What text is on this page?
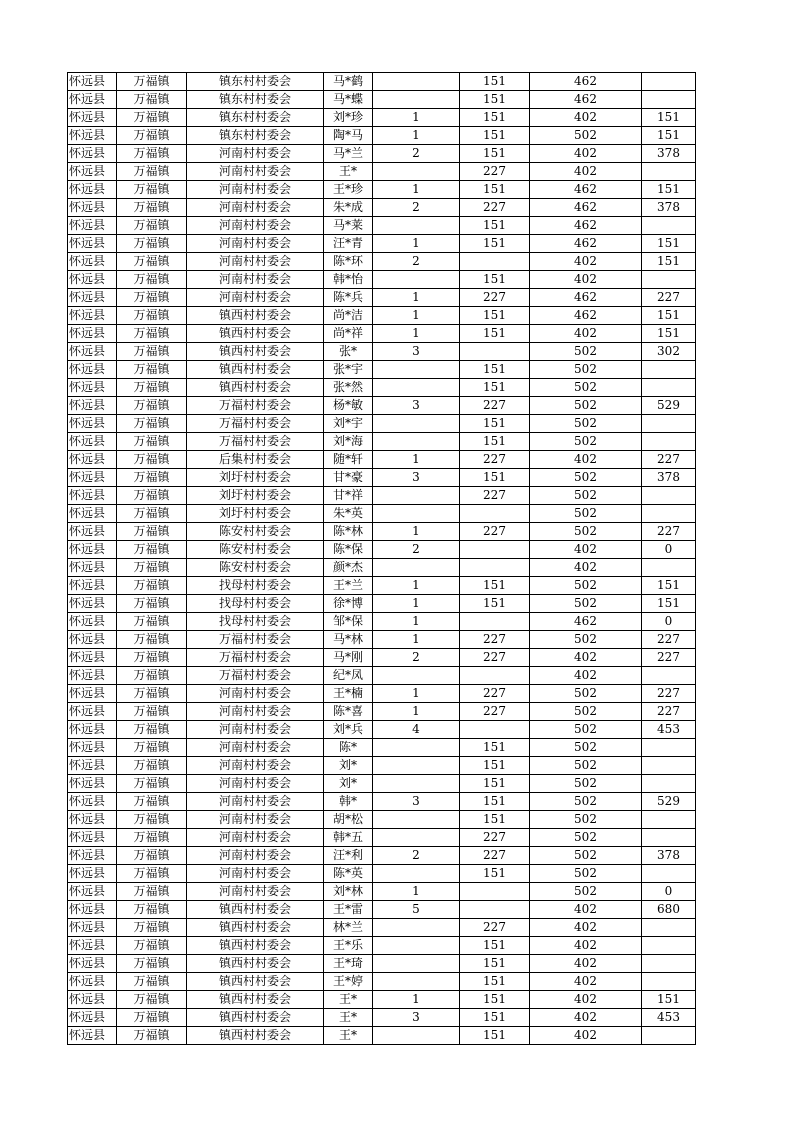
怀远县	万福镇	镇东村村委会	马*鹤		151	462	
怀远县	万福镇	镇东村村委会	马*蝶		151	462	
怀远县	万福镇	镇东村村委会	刘*珍	1	151	402	151
怀远县	万福镇	镇东村村委会	陶*马	1	151	502	151
怀远县	万福镇	河南村村委会	马*兰	2	151	402	378
怀远县	万福镇	河南村村委会	王*		227	402	
怀远县	万福镇	河南村村委会	王*珍	1	151	462	151
怀远县	万福镇	河南村村委会	朱*成	2	227	462	378
怀远县	万福镇	河南村村委会	马*莱		151	462	
怀远县	万福镇	河南村村委会	汪*青	1	151	462	151
怀远县	万福镇	河南村村委会	陈*环	2		402	151
怀远县	万福镇	河南村村委会	韩*怡		151	402	
怀远县	万福镇	河南村村委会	陈*兵	1	227	462	227
怀远县	万福镇	镇西村村委会	尚*洁	1	151	462	151
怀远县	万福镇	镇西村村委会	尚*祥	1	151	402	151
怀远县	万福镇	镇西村村委会	张*	3		502	302
怀远县	万福镇	镇西村村委会	张*宇		151	502	
怀远县	万福镇	镇西村村委会	张*然		151	502	
怀远县	万福镇	万福村村委会	杨*敏	3	227	502	529
怀远县	万福镇	万福村村委会	刘*宇		151	502	
怀远县	万福镇	万福村村委会	刘*海		151	502	
怀远县	万福镇	后集村村委会	随*轩	1	227	402	227
怀远县	万福镇	刘圩村村委会	甘*豪	3	151	502	378
怀远县	万福镇	刘圩村村委会	甘*祥		227	502	
怀远县	万福镇	刘圩村村委会	朱*英			502	
怀远县	万福镇	陈安村村委会	陈*林	1	227	502	227
怀远县	万福镇	陈安村村委会	陈*保	2		402	0
怀远县	万福镇	陈安村村委会	颜*杰			402	
怀远县	万福镇	找母村村委会	王*兰	1	151	502	151
怀远县	万福镇	找母村村委会	徐*博	1	151	502	151
怀远县	万福镇	找母村村委会	邹*保	1		462	0
怀远县	万福镇	万福村村委会	马*林	1	227	502	227
怀远县	万福镇	万福村村委会	马*刚	2	227	402	227
怀远县	万福镇	万福村村委会	纪*凤			402	
怀远县	万福镇	河南村村委会	王*楠	1	227	502	227
怀远县	万福镇	河南村村委会	陈*喜	1	227	502	227
怀远县	万福镇	河南村村委会	刘*兵	4		502	453
怀远县	万福镇	河南村村委会	陈*		151	502	
怀远县	万福镇	河南村村委会	刘*		151	502	
怀远县	万福镇	河南村村委会	刘*		151	502	
怀远县	万福镇	河南村村委会	韩*	3	151	502	529
怀远县	万福镇	河南村村委会	胡*松		151	502	
怀远县	万福镇	河南村村委会	韩*五		227	502	
怀远县	万福镇	河南村村委会	汪*利	2	227	502	378
怀远县	万福镇	河南村村委会	陈*英		151	502	
怀远县	万福镇	河南村村委会	刘*林	1		502	0
怀远县	万福镇	镇西村村委会	王*雷	5		402	680
怀远县	万福镇	镇西村村委会	林*兰		227	402	
怀远县	万福镇	镇西村村委会	王*乐		151	402	
怀远县	万福镇	镇西村村委会	王*琦		151	402	
怀远县	万福镇	镇西村村委会	王*婷		151	402	
怀远县	万福镇	镇西村村委会	王*	1	151	402	151
怀远县	万福镇	镇西村村委会	王*	3	151	402	453
怀远县	万福镇	镇西村村委会	王*		151	402	
